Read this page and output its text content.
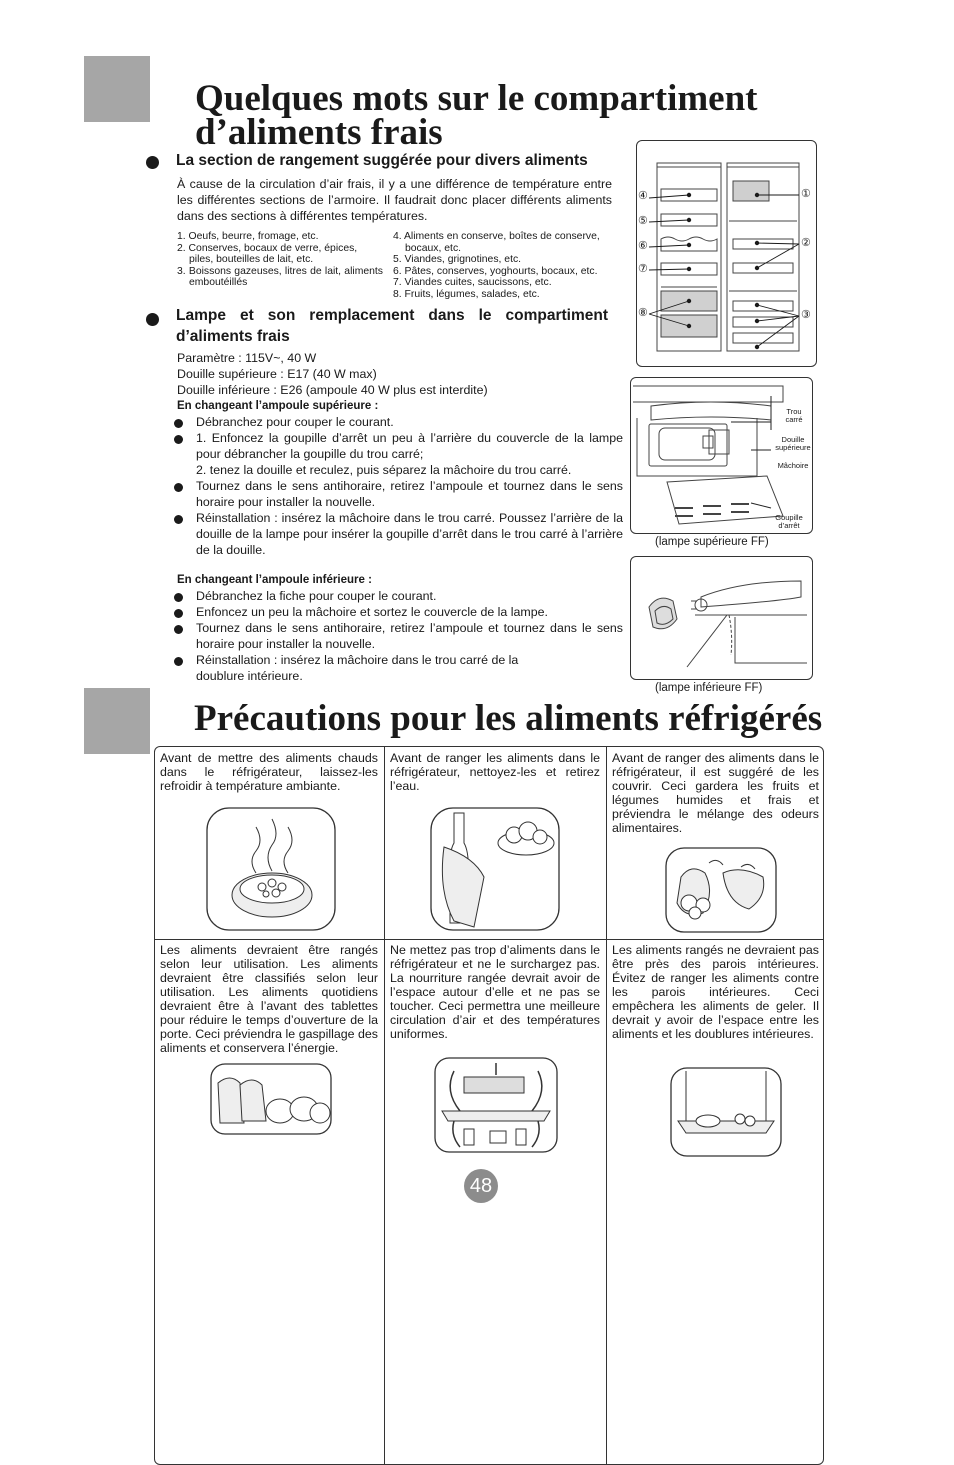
Quelques mots sur le compartiment
d’aliments frais
La section de rangement suggérée pour divers aliments
À cause de la circulation d’air frais, il y a une différence de température entre les différentes sections de l’armoire. Il faudrait donc placer différents aliments dans des sections à différentes températures.
1. Oeufs, beurre, fromage, etc.
2. Conserves, bocaux de verre, épices, piles, bouteilles de lait, etc.
3. Boissons gazeuses, litres de lait, aliments emboutéillés
4. Aliments en conserve, boîtes de conserve, bocaux, etc.
5. Viandes, grignotines, etc.
6. Pâtes, conserves, yoghourts, bocaux, etc.
7. Viandes cuites, saucissons, etc.
8. Fruits, légumes, salades, etc.
④
⑤
⑥
⑦
⑧
①
②
③
Lampe et son remplacement dans le compartiment d’aliments frais
Paramètre : 115V~, 40 W
Douille supérieure : E17 (40 W max)
Douille inférieure : E26 (ampoule 40 W plus est interdite)
En changeant l’ampoule supérieure :
Débranchez pour couper le courant.
1. Enfoncez la goupille d’arrêt un peu à l’arrière du couvercle de la lampe pour débrancher la goupille du trou carré;
2. tenez la douille et reculez, puis séparez la mâchoire du trou carré.
Tournez dans le sens antihoraire, retirez l’ampoule et tournez dans le sens horaire pour installer la nouvelle.
Réinstallation : insérez la mâchoire dans le trou carré. Poussez l’arrière de la douille de la lampe pour insérer la goupille d’arrêt dans le trou carré à l’arrière de la douille.
En changeant l’ampoule inférieure :
Débranchez la fiche pour couper le courant.
Enfoncez un peu la mâchoire et sortez le couvercle de la lampe.
Tournez dans le sens antihoraire, retirez l’ampoule et tournez dans le sens horaire pour installer la nouvelle.
Réinstallation : insérez la mâchoire dans le trou carré de la doublure intérieure.
Trou carré
Douille supérieure
Mâchoire
Goupille d’arrêt
(lampe supérieure FF)
(lampe inférieure FF)
Précautions pour les aliments réfrigérés
Avant de mettre des aliments chauds dans le réfrigérateur, laissez-les refroidir à température ambiante.
Avant de ranger les aliments dans le réfrigérateur, nettoyez-les et retirez l’eau.
Avant de ranger des aliments dans le réfrigérateur, il est suggéré de les couvrir. Ceci gardera les fruits et légumes humides et frais et préviendra le mélange des odeurs alimentaires.
Les aliments devraient être rangés selon leur utilisation. Les aliments devraient être classifiés selon leur utilisation. Les aliments quotidiens devraient être à l’avant des tablettes pour réduire le temps d’ouverture de la porte. Ceci préviendra le gaspillage des aliments et conservera l’énergie.
Ne mettez pas trop d’aliments dans le réfrigérateur et ne le surchargez pas. La nourriture rangée devrait avoir de l’espace autour d’elle et ne pas se toucher. Ceci permettra une meilleure circulation d’air et des températures uniformes.
Les aliments rangés ne devraient pas être près des parois intérieures. Évitez de ranger les aliments contre les parois intérieures. Ceci empêchera les aliments de geler. Il devrait y avoir de l’espace entre les aliments et les doublures intérieures.
48
